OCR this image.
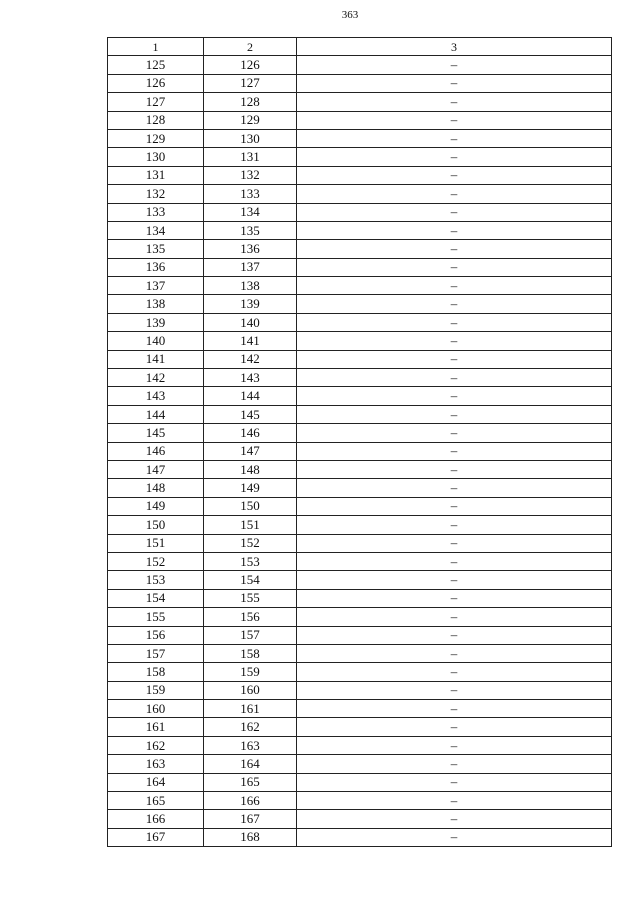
363
1	2	3
125	126	–
126	127	–
127	128	–
128	129	–
129	130	–
130	131	–
131	132	–
132	133	–
133	134	–
134	135	–
135	136	–
136	137	–
137	138	–
138	139	–
139	140	–
140	141	–
141	142	–
142	143	–
143	144	–
144	145	–
145	146	–
146	147	–
147	148	–
148	149	–
149	150	–
150	151	–
151	152	–
152	153	–
153	154	–
154	155	–
155	156	–
156	157	–
157	158	–
158	159	–
159	160	–
160	161	–
161	162	–
162	163	–
163	164	–
164	165	–
165	166	–
166	167	–
167	168	–
